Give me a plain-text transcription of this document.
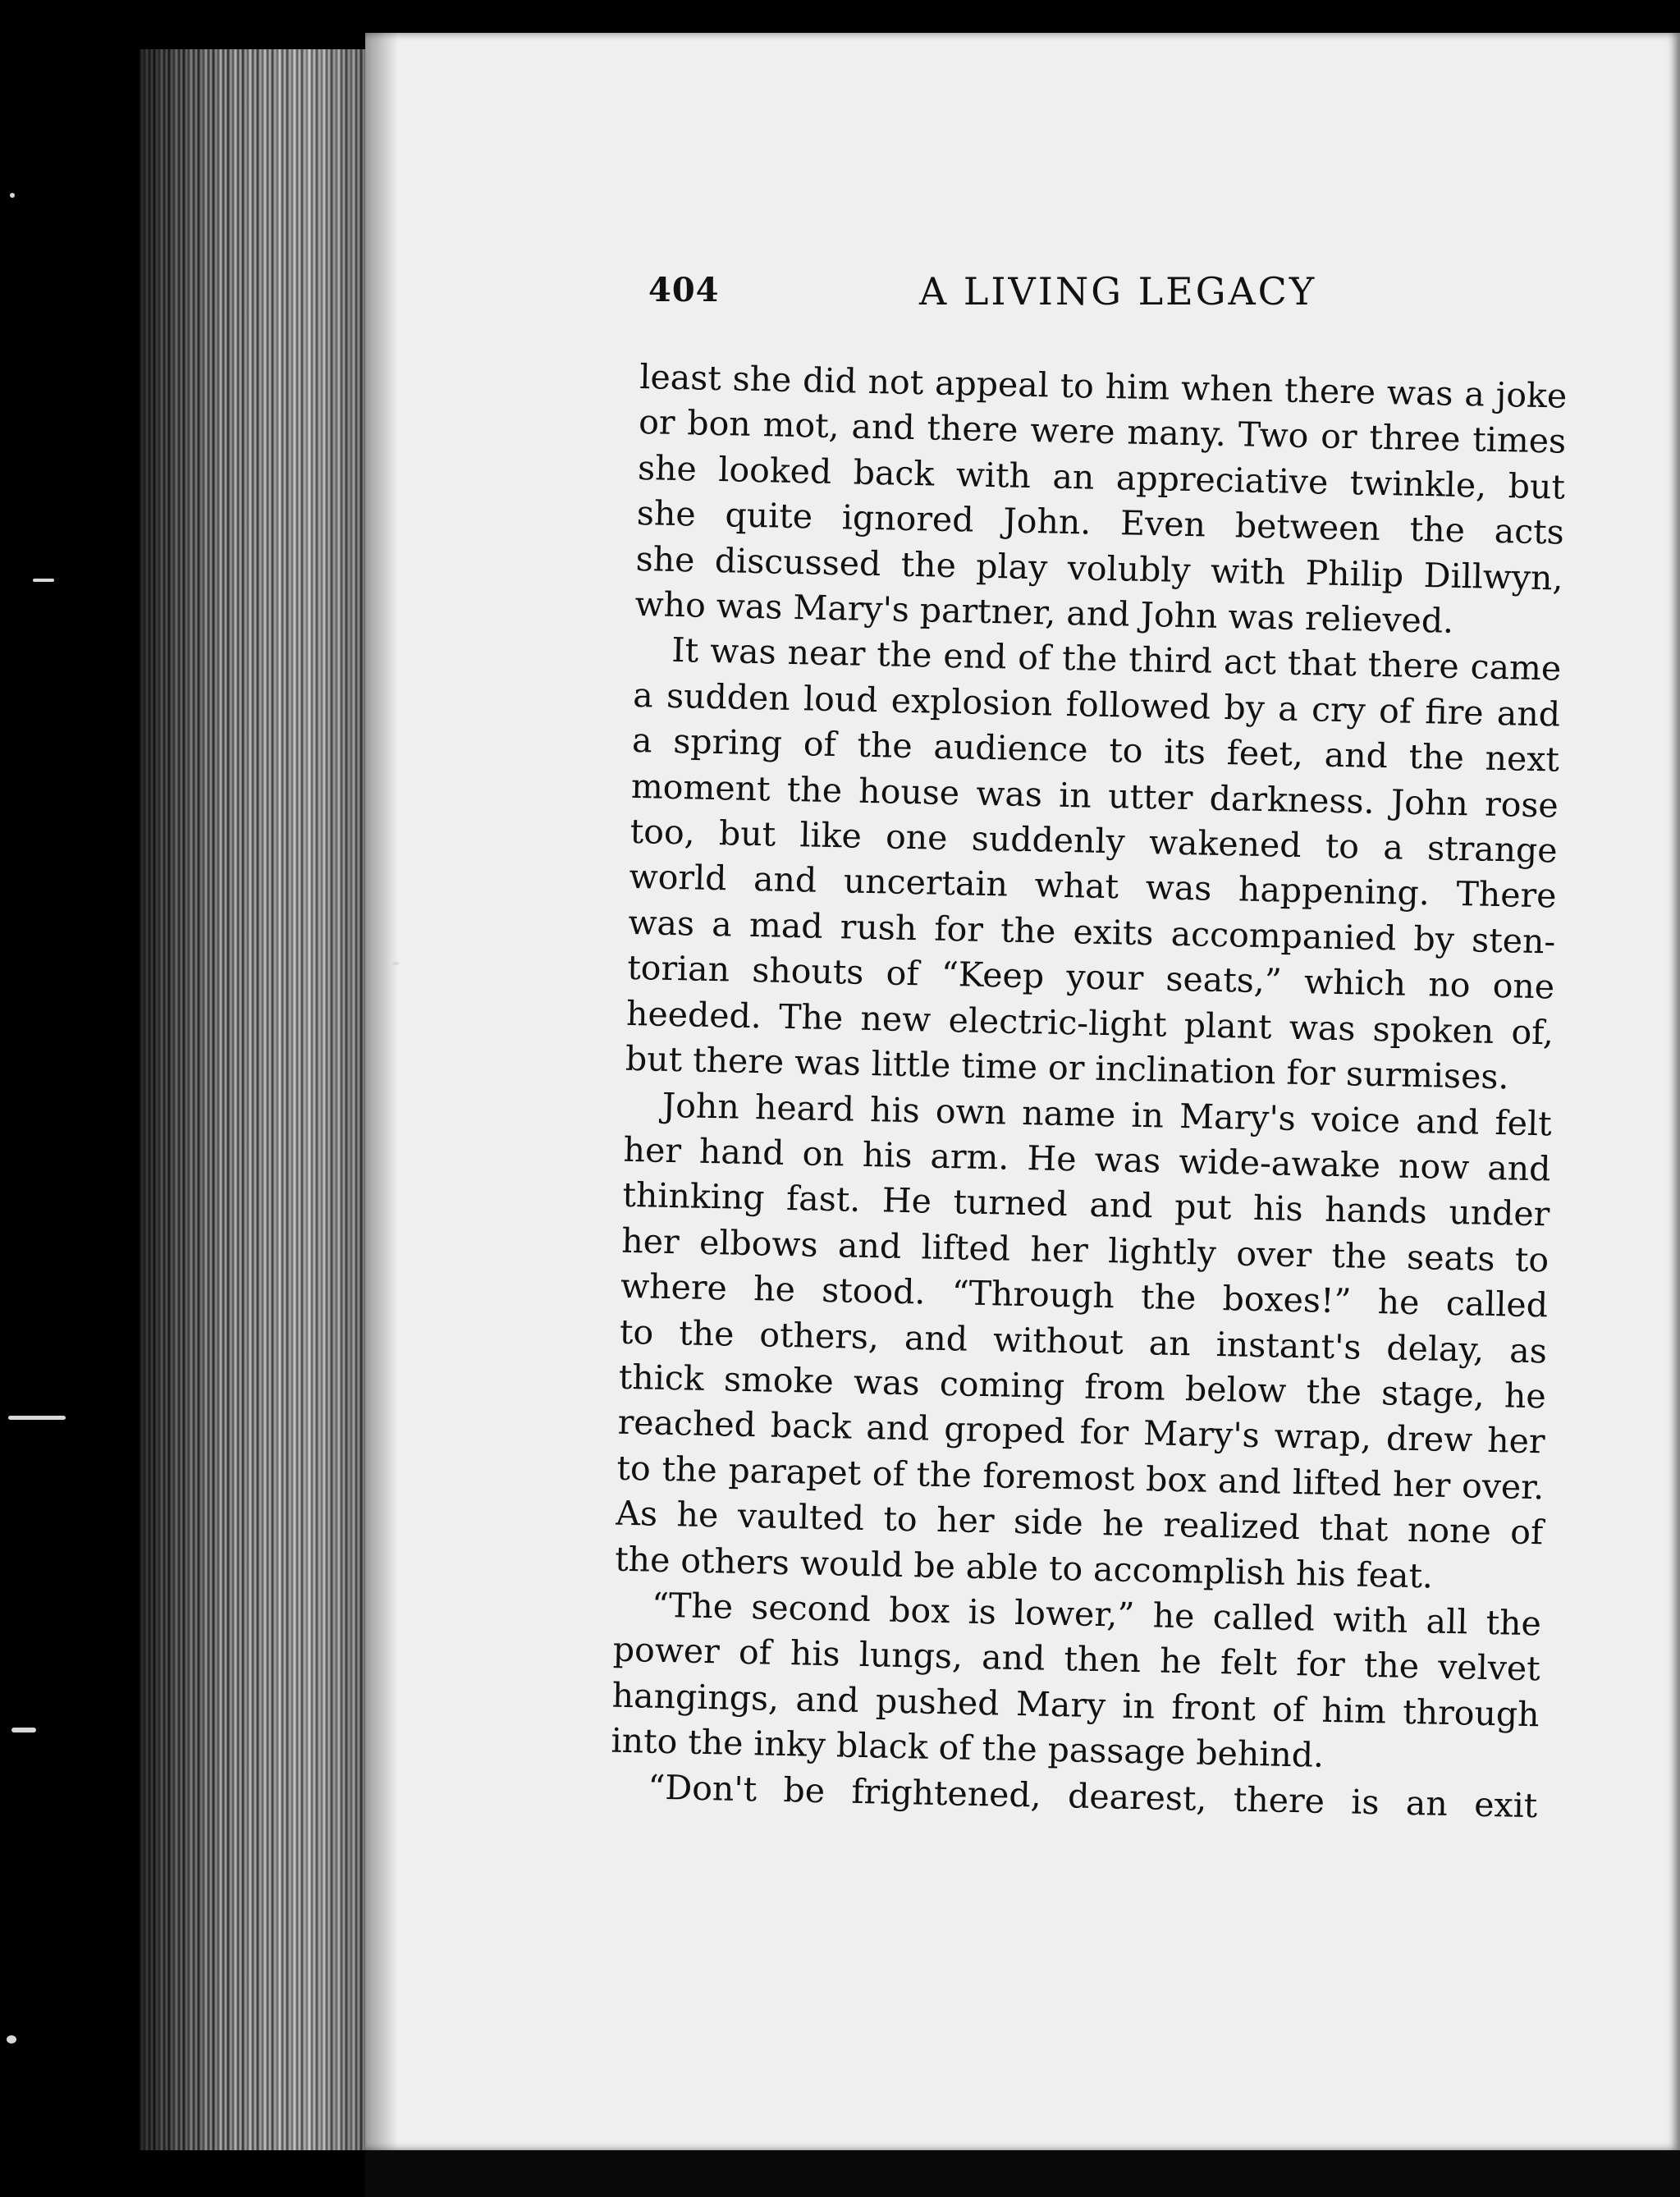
404	A LIVING LEGACY

least she did not appeal to him when there was a joke
or bon mot, and there were many. Two or three times
she looked back with an appreciative twinkle, but
she quite ignored John. Even between the acts
she discussed the play volubly with Philip Dillwyn,
who was Mary's partner, and John was relieved.

It was near the end of the third act that there came
a sudden loud explosion followed by a cry of fire and
a spring of the audience to its feet, and the next
moment the house was in utter darkness. John rose
too, but like one suddenly wakened to a strange
world and uncertain what was happening. There
was a mad rush for the exits accompanied by sten-
torian shouts of “Keep your seats,” which no one
heeded. The new electric-light plant was spoken of,
but there was little time or inclination for surmises.

John heard his own name in Mary's voice and felt
her hand on his arm. He was wide-awake now and
thinking fast. He turned and put his hands under
her elbows and lifted her lightly over the seats to
where he stood. “Through the boxes!” he called
to the others, and without an instant's delay, as
thick smoke was coming from below the stage, he
reached back and groped for Mary's wrap, drew her
to the parapet of the foremost box and lifted her over.
As he vaulted to her side he realized that none of
the others would be able to accomplish his feat.

“The second box is lower,” he called with all the
power of his lungs, and then he felt for the velvet
hangings, and pushed Mary in front of him through
into the inky black of the passage behind.

“Don't be frightened, dearest, there is an exit
